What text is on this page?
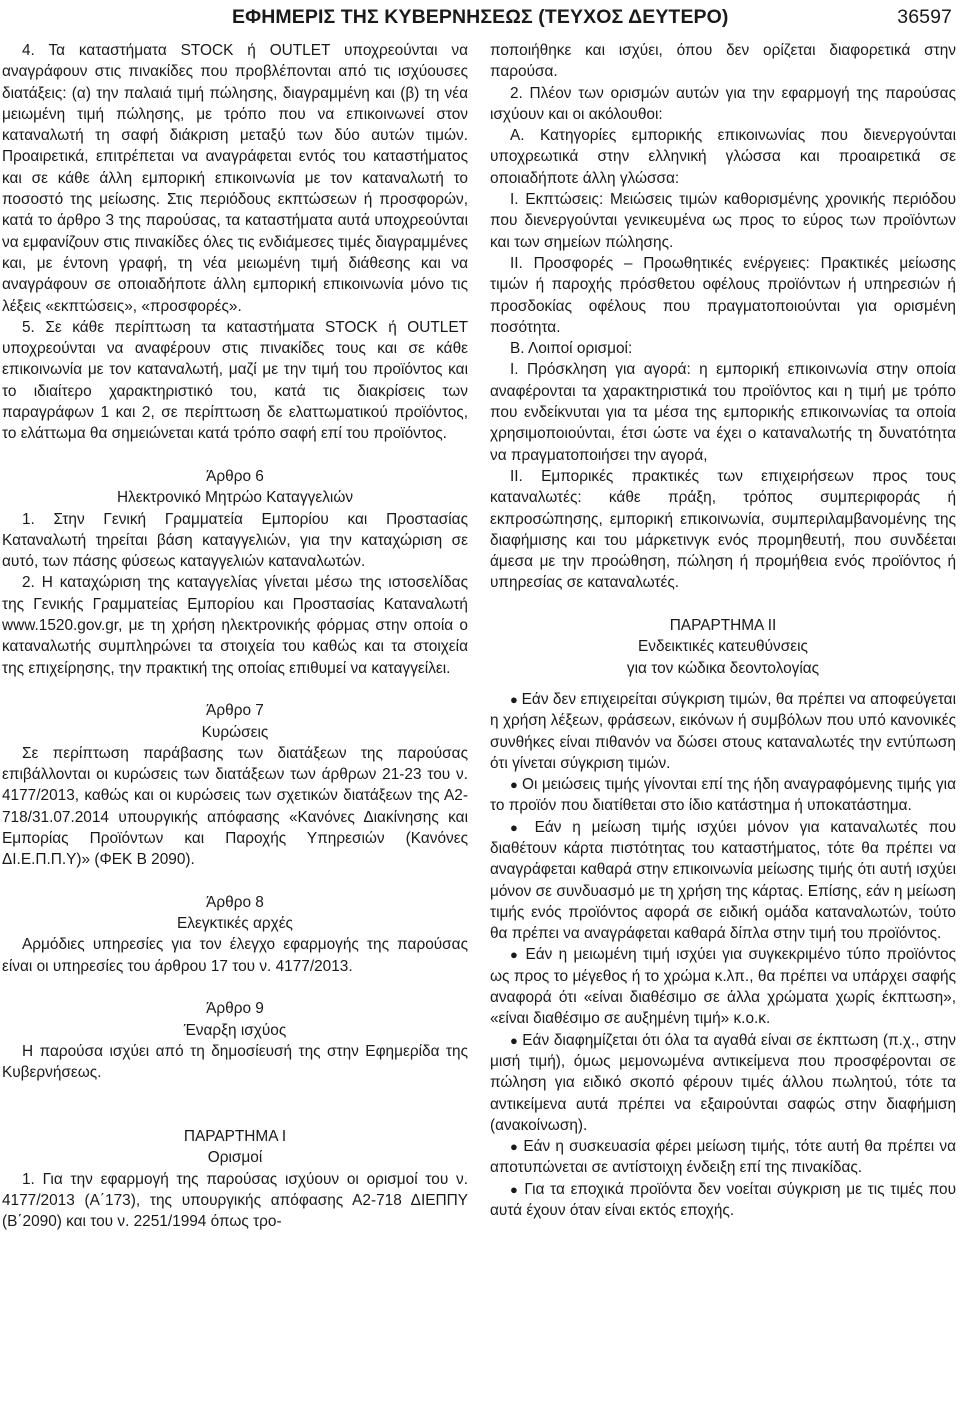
ΕΦΗΜΕΡΙΣ ΤΗΣ ΚΥΒΕΡΝΗΣΕΩΣ (ΤΕΥΧΟΣ ΔΕΥΤΕΡΟ)	36597

4. Τα καταστήματα STOCK ή OUTLET υποχρεούνται να αναγράφουν στις πινακίδες που προβλέπονται από τις ισχύουσες διατάξεις: (α) την παλαιά τιμή πώλησης, διαγραμμένη και (β) τη νέα μειωμένη τιμή πώλησης, με τρόπο που να επικοινωνεί στον καταναλωτή τη σαφή διάκριση μεταξύ των δύο αυτών τιμών. Προαιρετικά, επιτρέπεται να αναγράφεται εντός του καταστήματος και σε κάθε άλλη εμπορική επικοινωνία με τον καταναλωτή το ποσοστό της μείωσης. Στις περιόδους εκπτώσεων ή προσφορών, κατά το άρθρο 3 της παρούσας, τα καταστήματα αυτά υποχρεούνται να εμφανίζουν στις πινακίδες όλες τις ενδιάμεσες τιμές διαγραμμένες και, με έντονη γραφή, τη νέα μειωμένη τιμή διάθεσης και να αναγράφουν σε οποιαδήποτε άλλη εμπορική επικοινωνία μόνο τις λέξεις «εκπτώσεις», «προσφορές».

5. Σε κάθε περίπτωση τα καταστήματα STOCK ή OUTLET υποχρεούνται να αναφέρουν στις πινακίδες τους και σε κάθε επικοινωνία με τον καταναλωτή, μαζί με την τιμή του προϊόντος και το ιδιαίτερο χαρακτηριστικό του, κατά τις διακρίσεις των παραγράφων 1 και 2, σε περίπτωση δε ελαττωματικού προϊόντος, το ελάττωμα θα σημειώνεται κατά τρόπο σαφή επί του προϊόντος.

Άρθρο 6

Ηλεκτρονικό Μητρώο Καταγγελιών

1. Στην Γενική Γραμματεία Εμπορίου και Προστασίας Καταναλωτή τηρείται βάση καταγγελιών, για την καταχώριση σε αυτό, των πάσης φύσεως καταγγελιών καταναλωτών.

2. Η καταχώριση της καταγγελίας γίνεται μέσω της ιστοσελίδας της Γενικής Γραμματείας Εμπορίου και Προστασίας Καταναλωτή www.1520.gov.gr, με τη χρήση ηλεκτρονικής φόρμας στην οποία ο καταναλωτής συμπληρώνει τα στοιχεία του καθώς και τα στοιχεία της επιχείρησης, την πρακτική της οποίας επιθυμεί να καταγγείλει.

Άρθρο 7

Κυρώσεις

Σε περίπτωση παράβασης των διατάξεων της παρούσας επιβάλλονται οι κυρώσεις των διατάξεων των άρθρων 21-23 του ν. 4177/2013, καθώς και οι κυρώσεις των σχετικών διατάξεων της Α2-718/31.07.2014 υπουργικής απόφασης «Κανόνες Διακίνησης και Εμπορίας Προϊόντων και Παροχής Υπηρεσιών (Κανόνες ΔΙ.Ε.Π.Π.Υ)» (ΦΕΚ Β 2090).

Άρθρο 8

Ελεγκτικές αρχές

Αρμόδιες υπηρεσίες για τον έλεγχο εφαρμογής της παρούσας είναι οι υπηρεσίες του άρθρου 17 του ν. 4177/2013.

Άρθρο 9

Έναρξη ισχύος

Η παρούσα ισχύει από τη δημοσίευσή της στην Εφημερίδα της Κυβερνήσεως.

ΠΑΡΑΡΤΗΜΑ Ι

Ορισμοί

1. Για την εφαρμογή της παρούσας ισχύουν οι ορισμοί του ν. 4177/2013 (Α΄173), της υπουργικής απόφασης Α2-718 ΔΙΕΠΠΥ (Β΄2090) και του ν. 2251/1994 όπως τρο-

ποποιήθηκε και ισχύει, όπου δεν ορίζεται διαφορετικά στην παρούσα.

2. Πλέον των ορισμών αυτών για την εφαρμογή της παρούσας ισχύουν και οι ακόλουθοι:

Α. Κατηγορίες εμπορικής επικοινωνίας που διενεργούνται υποχρεωτικά στην ελληνική γλώσσα και προαιρετικά σε οποιαδήποτε άλλη γλώσσα:

Ι. Εκπτώσεις: Μειώσεις τιμών καθορισμένης χρονικής περιόδου που διενεργούνται γενικευμένα ως προς το εύρος των προϊόντων και των σημείων πώλησης.

ΙΙ. Προσφορές – Προωθητικές ενέργειες: Πρακτικές μείωσης τιμών ή παροχής πρόσθετου οφέλους προϊόντων ή υπηρεσιών ή προσδοκίας οφέλους που πραγματοποιούνται για ορισμένη ποσότητα.

Β. Λοιποί ορισμοί:

Ι. Πρόσκληση για αγορά: η εμπορική επικοινωνία στην οποία αναφέρονται τα χαρακτηριστικά του προϊόντος και η τιμή με τρόπο που ενδείκνυται για τα μέσα της εμπορικής επικοινωνίας τα οποία χρησιμοποιούνται, έτσι ώστε να έχει ο καταναλωτής τη δυνατότητα να πραγματοποιήσει την αγορά,

ΙΙ. Εμπορικές πρακτικές των επιχειρήσεων προς τους καταναλωτές: κάθε πράξη, τρόπος συμπεριφοράς ή εκπροσώπησης, εμπορική επικοινωνία, συμπεριλαμβανομένης της διαφήμισης και του μάρκετινγκ ενός προμηθευτή, που συνδέεται άμεσα με την προώθηση, πώληση ή προμήθεια ενός προϊόντος ή υπηρεσίας σε καταναλωτές.

ΠΑΡΑΡΤΗΜΑ ΙΙ

Ενδεικτικές κατευθύνσεις

για τον κώδικα δεοντολογίας

● Εάν δεν επιχειρείται σύγκριση τιμών, θα πρέπει να αποφεύγεται η χρήση λέξεων, φράσεων, εικόνων ή συμβόλων που υπό κανονικές συνθήκες είναι πιθανόν να δώσει στους καταναλωτές την εντύπωση ότι γίνεται σύγκριση τιμών.

● Οι μειώσεις τιμής γίνονται επί της ήδη αναγραφόμενης τιμής για το προϊόν που διατίθεται στο ίδιο κατάστημα ή υποκατάστημα.

● Εάν η μείωση τιμής ισχύει μόνον για καταναλωτές που διαθέτουν κάρτα πιστότητας του καταστήματος, τότε θα πρέπει να αναγράφεται καθαρά στην επικοινωνία μείωσης τιμής ότι αυτή ισχύει μόνον σε συνδυασμό με τη χρήση της κάρτας. Επίσης, εάν η μείωση τιμής ενός προϊόντος αφορά σε ειδική ομάδα καταναλωτών, τούτο θα πρέπει να αναγράφεται καθαρά δίπλα στην τιμή του προϊόντος.

● Εάν η μειωμένη τιμή ισχύει για συγκεκριμένο τύπο προϊόντος ως προς το μέγεθος ή το χρώμα κ.λπ., θα πρέπει να υπάρχει σαφής αναφορά ότι «είναι διαθέσιμο σε άλλα χρώματα χωρίς έκπτωση», «είναι διαθέσιμο σε αυξημένη τιμή» κ.ο.κ.

● Εάν διαφημίζεται ότι όλα τα αγαθά είναι σε έκπτωση (π.χ., στην μισή τιμή), όμως μεμονωμένα αντικείμενα που προσφέρονται σε πώληση για ειδικό σκοπό φέρουν τιμές άλλου πωλητού, τότε τα αντικείμενα αυτά πρέπει να εξαιρούνται σαφώς στην διαφήμιση (ανακοίνωση).

● Εάν η συσκευασία φέρει μείωση τιμής, τότε αυτή θα πρέπει να αποτυπώνεται σε αντίστοιχη ένδειξη επί της πινακίδας.

● Για τα εποχικά προϊόντα δεν νοείται σύγκριση με τις τιμές που αυτά έχουν όταν είναι εκτός εποχής.
